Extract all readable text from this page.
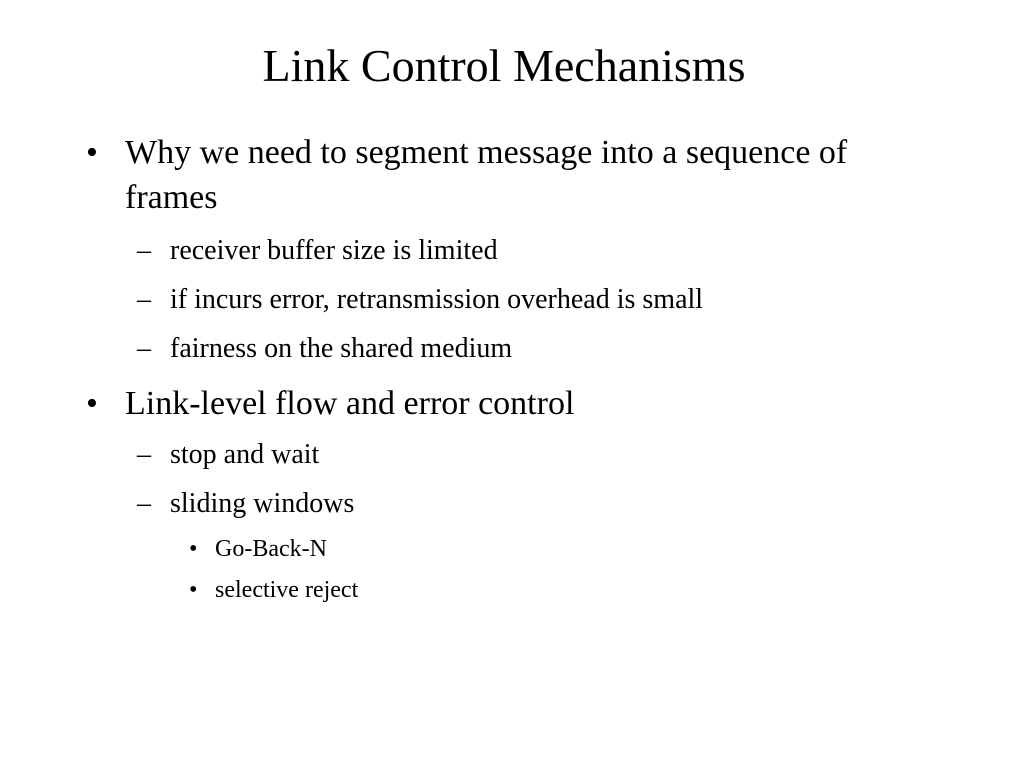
Link Control Mechanisms
• Why we need to segment message into a sequence of frames
– receiver buffer size is limited
– if incurs error, retransmission overhead is small
– fairness on the shared medium
• Link-level flow and error control
– stop and wait
– sliding windows
• Go-Back-N
• selective reject
